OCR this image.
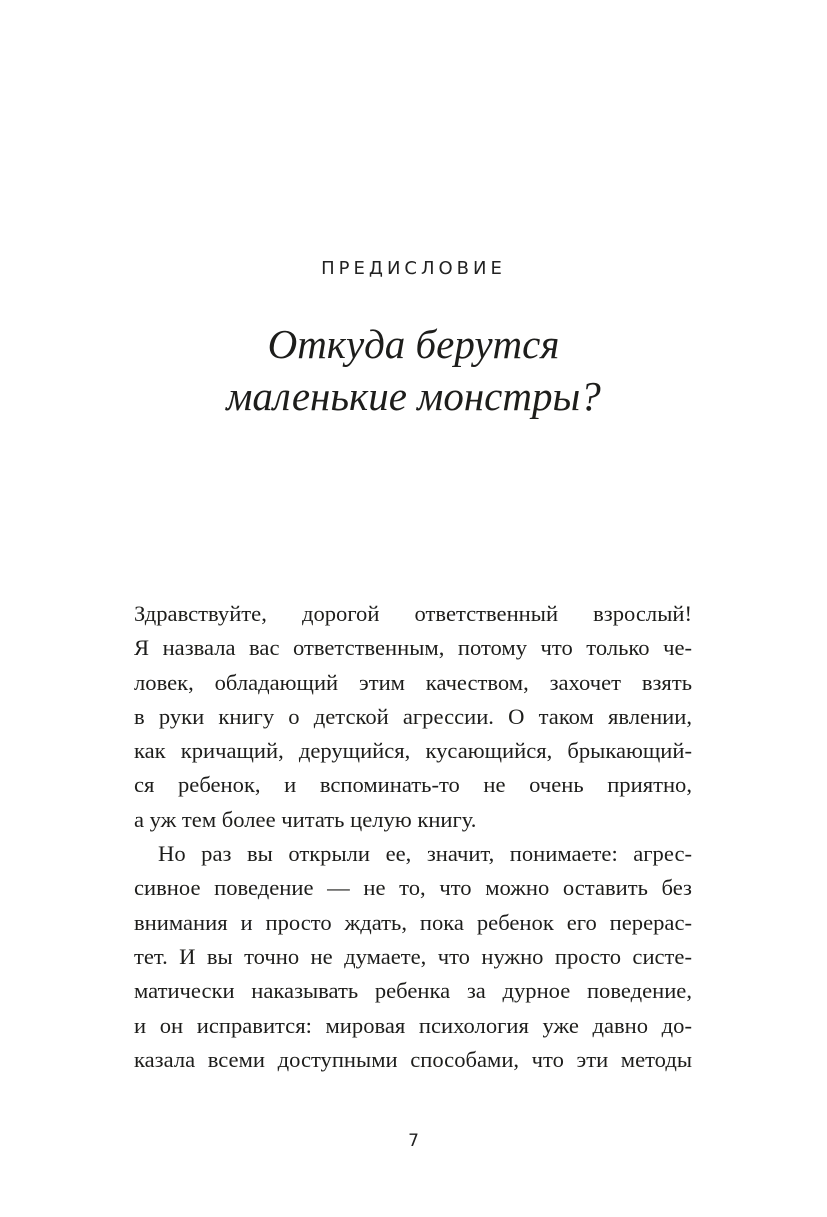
ПРЕДИСЛОВИЕ
Откуда берутся
маленькие монстры?

Здравствуйте, дорогой ответственный взрослый!
Я назвала вас ответственным, потому что только че-
ловек, обладающий этим качеством, захочет взять
в руки книгу о детской агрессии. О таком явлении,
как кричащий, дерущийся, кусающийся, брыкающий-
ся ребенок, и вспоминать-то не очень приятно,
а уж тем более читать целую книгу.

Но раз вы открыли ее, значит, понимаете: агрес-
сивное поведение — не то, что можно оставить без
внимания и просто ждать, пока ребенок его перерас-
тет. И вы точно не думаете, что нужно просто систе-
матически наказывать ребенка за дурное поведение,
и он исправится: мировая психология уже давно до-
казала всеми доступными способами, что эти методы

7
